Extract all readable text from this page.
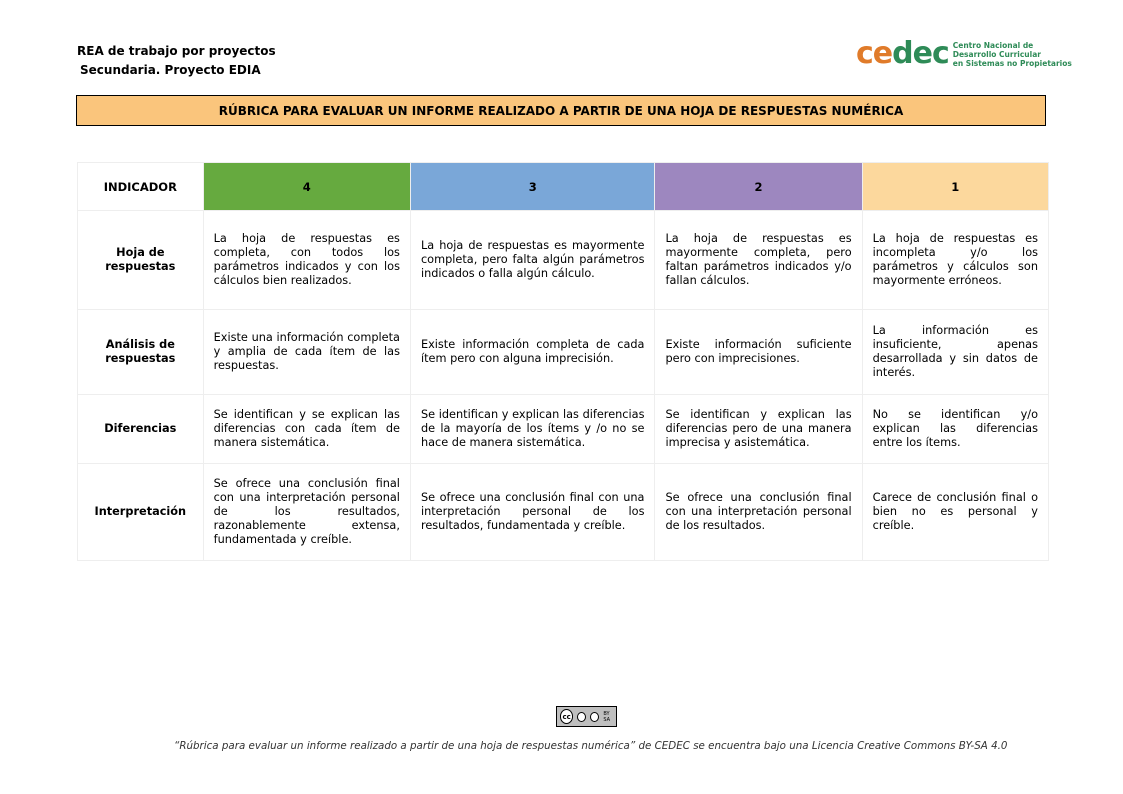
REA de trabajo por proyectos
Secundaria. Proyecto EDIA	cedec Centro Nacional de
Desarrollo Curricular
en Sistemas no Propietarios
RÚBRICA PARA EVALUAR UN INFORME REALIZADO A PARTIR DE UNA HOJA DE RESPUESTAS NUMÉRICA
INDICADOR	4	3	2	1
Hoja de respuestas	La hoja de respuestas es completa, con todos los parámetros indicados y con los cálculos bien realizados.	La hoja de respuestas es mayormente completa, pero falta algún parámetros indicados o falla algún cálculo.	La hoja de respuestas es mayormente completa, pero faltan parámetros indicados y/o fallan cálculos.	La hoja de respuestas es incompleta y/o los parámetros y cálculos son mayormente erróneos.
Análisis de respuestas	Existe una información completa y amplia de cada ítem de las respuestas.	Existe información completa de cada ítem pero con alguna imprecisión.	Existe información suficiente pero con imprecisiones.	La información es insuficiente, apenas desarrollada y sin datos de interés.
Diferencias	Se identifican y se explican las diferencias con cada ítem de manera sistemática.	Se identifican y explican las diferencias de la mayoría de los ítems y /o no se hace de manera sistemática.	Se identifican y explican las diferencias pero de una manera imprecisa y asistemática.	No se identifican y/o explican las diferencias entre los ítems.
Interpretación	Se ofrece una conclusión final con una interpretación personal de los resultados, razonablemente extensa, fundamentada y creíble.	Se ofrece una conclusión final con una interpretación personal de los resultados, fundamentada y creíble.	Se ofrece una conclusión final con una interpretación personal de los resultados.	Carece de conclusión final o bien no es personal y creíble.
cc	BY SA
“Rúbrica para evaluar un informe realizado a partir de una hoja de respuestas numérica” de CEDEC se encuentra bajo una Licencia Creative Commons BY-SA 4.0
